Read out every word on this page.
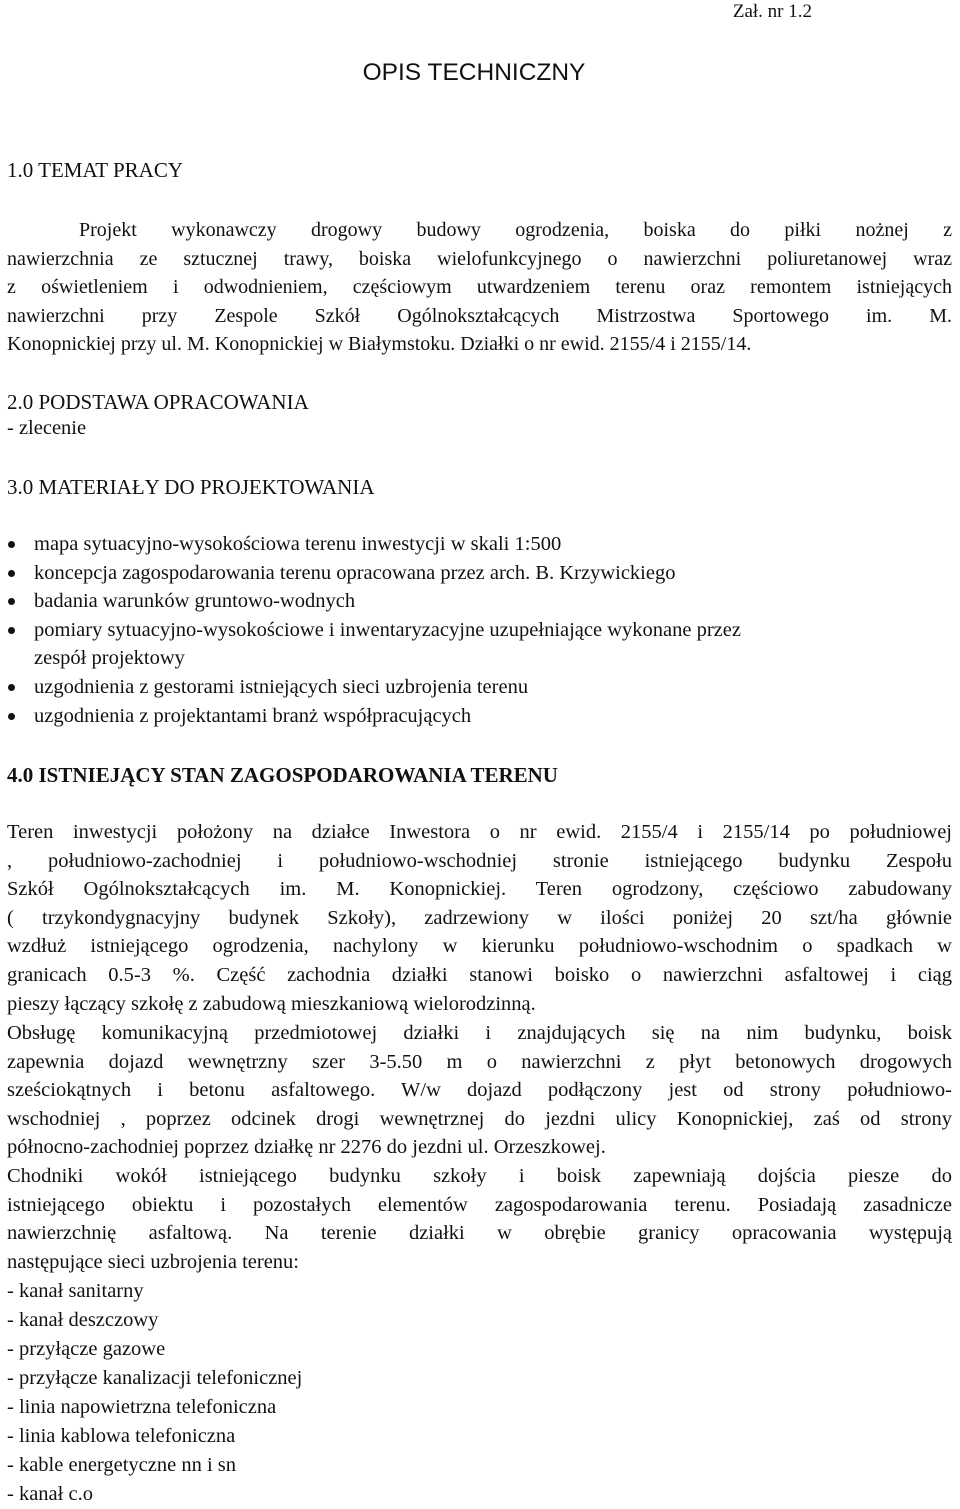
Zał. nr 1.2
OPIS TECHNICZNY
1.0 TEMAT PRACY
Projekt wykonawczy drogowy budowy ogrodzenia, boiska do piłki nożnej z
nawierzchnia ze sztucznej trawy, boiska wielofunkcyjnego o nawierzchni poliuretanowej wraz
z oświetleniem i odwodnieniem, częściowym utwardzeniem terenu oraz remontem istniejących
nawierzchni przy Zespole Szkół Ogólnokształcących Mistrzostwa Sportowego im. M.
Konopnickiej przy ul. M. Konopnickiej w Białymstoku. Działki o nr ewid. 2155/4 i 2155/14.
2.0 PODSTAWA OPRACOWANIA
- zlecenie
3.0 MATERIAŁY DO PROJEKTOWANIA
mapa sytuacyjno-wysokościowa terenu inwestycji w skali 1:500
koncepcja zagospodarowania terenu opracowana przez arch. B. Krzywickiego
badania warunków gruntowo-wodnych
pomiary sytuacyjno-wysokościowe i inwentaryzacyjne uzupełniające wykonane przez
zespół projektowy
uzgodnienia z gestorami istniejących sieci uzbrojenia terenu
uzgodnienia z projektantami branż współpracujących
4.0 ISTNIEJĄCY STAN ZAGOSPODAROWANIA TERENU
Teren inwestycji położony na działce Inwestora o nr ewid. 2155/4 i 2155/14 po południowej
, południowo-zachodniej i południowo-wschodniej stronie istniejącego budynku Zespołu
Szkół Ogólnokształcących im. M. Konopnickiej. Teren ogrodzony, częściowo zabudowany
( trzykondygnacyjny budynek Szkoły), zadrzewiony w ilości poniżej 20 szt/ha głównie
wzdłuż istniejącego ogrodzenia, nachylony w kierunku południowo-wschodnim o spadkach w
granicach 0.5-3 %. Część zachodnia działki stanowi boisko o nawierzchni asfaltowej i ciąg
pieszy łączący szkołę z zabudową mieszkaniową wielorodzinną.
Obsługę komunikacyjną przedmiotowej działki i znajdujących się na nim budynku, boisk
zapewnia dojazd wewnętrzny szer 3-5.50 m o nawierzchni z płyt betonowych drogowych
sześciokątnych i betonu asfaltowego. W/w dojazd podłączony jest od strony południowo-
wschodniej , poprzez odcinek drogi wewnętrznej do jezdni ulicy Konopnickiej, zaś od strony
północno-zachodniej poprzez działkę nr 2276 do jezdni ul. Orzeszkowej.
Chodniki wokół istniejącego budynku szkoły i boisk zapewniają dojścia piesze do
istniejącego obiektu i pozostałych elementów zagospodarowania terenu. Posiadają zasadnicze
nawierzchnię asfaltową. Na terenie działki w obrębie granicy opracowania występują
następujące sieci uzbrojenia terenu:
- kanał sanitarny
- kanał deszczowy
- przyłącze gazowe
- przyłącze kanalizacji telefonicznej
- linia napowietrzna telefoniczna
- linia kablowa telefoniczna
- kable energetyczne nn i sn
- kanał c.o
